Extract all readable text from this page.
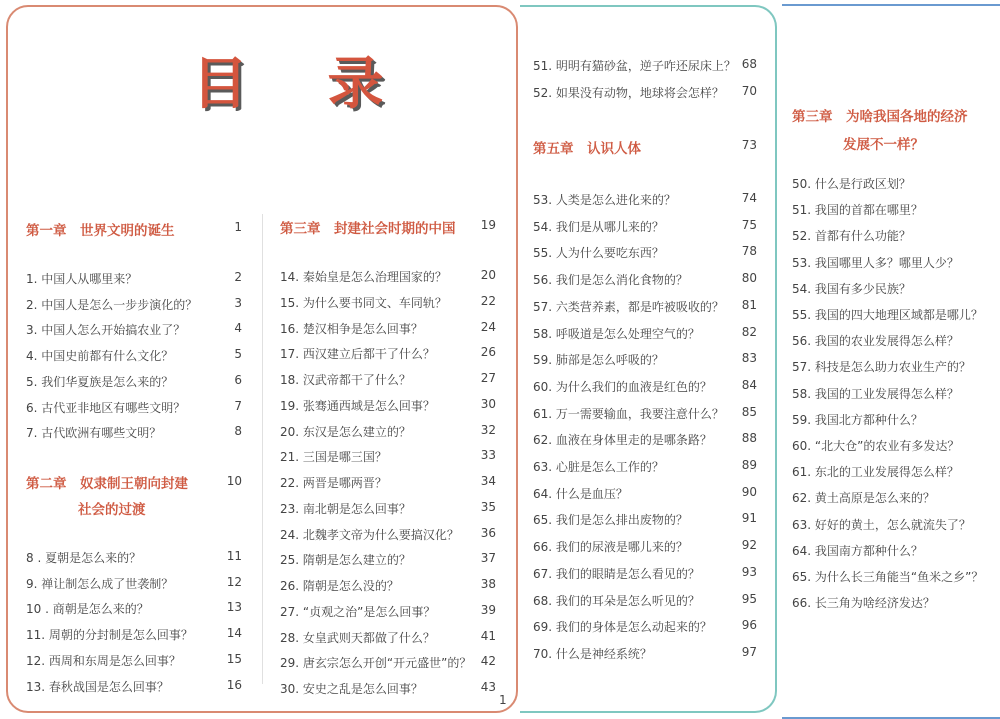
目 录
1
第一章　世界文明的诞生	1
1. 中国人从哪里来？	2
2. 中国人是怎么一步步演化的？	3
3. 中国人怎么开始搞农业了？	4
4. 中国史前都有什么文化？	5
5. 我们华夏族是怎么来的？	6
6. 古代亚非地区有哪些文明？	7
7. 古代欧洲有哪些文明？	8
第二章　奴隶制王朝向封建
社会的过渡
10
8 . 夏朝是怎么来的？	11
9. 禅让制怎么成了世袭制？	12
10 . 商朝是怎么来的？	13
11. 周朝的分封制是怎么回事？	14
12. 西周和东周是怎么回事？	15
13. 春秋战国是怎么回事？	16
第三章　封建社会时期的中国	19
14. 秦始皇是怎么治理国家的？	20
15. 为什么要书同文、车同轨？	22
16. 楚汉相争是怎么回事？	24
17. 西汉建立后都干了什么？	26
18. 汉武帝都干了什么？	27
19. 张骞通西域是怎么回事？	30
20. 东汉是怎么建立的？	32
21. 三国是哪三国？	33
22. 两晋是哪两晋？	34
23. 南北朝是怎么回事？	35
24. 北魏孝文帝为什么要搞汉化？	36
25. 隋朝是怎么建立的？	37
26. 隋朝是怎么没的？	38
27. “贞观之治”是怎么回事？	39
28. 女皇武则天都做了什么？	41
29. 唐玄宗怎么开创“开元盛世”的？ 42
30. 安史之乱是怎么回事？	43
51. 明明有猫砂盆，逆子咋还尿床上？ 68
52. 如果没有动物，地球将会怎样？	70
第五章　认识人体	73
53. 人类是怎么进化来的？	74
54. 我们是从哪儿来的？	75
55. 人为什么要吃东西？	78
56. 我们是怎么消化食物的？	80
57. 六类营养素，都是咋被吸收的？	81
58. 呼吸道是怎么处理空气的？	82
59. 肺部是怎么呼吸的？	83
60. 为什么我们的血液是红色的？	84
61. 万一需要输血，我要注意什么？	85
62. 血液在身体里走的是哪条路？	88
63. 心脏是怎么工作的？	89
64. 什么是血压？	90
65. 我们是怎么排出废物的？	91
66. 我们的尿液是哪儿来的？	92
67. 我们的眼睛是怎么看见的？	93
68. 我们的耳朵是怎么听见的？	95
69. 我们的身体是怎么动起来的？	96
70. 什么是神经系统？	97
第三章　为啥我国各地的经济
发展不一样？
50. 什么是行政区划？
51. 我国的首都在哪里？
52. 首都有什么功能？
53. 我国哪里人多？哪里人少？
54. 我国有多少民族？
55. 我国的四大地理区域都是哪儿？
56. 我国的农业发展得怎么样？
57. 科技是怎么助力农业生产的？
58. 我国的工业发展得怎么样？
59. 我国北方都种什么？
60. “北大仓”的农业有多发达？
61. 东北的工业发展得怎么样？
62. 黄土高原是怎么来的？
63. 好好的黄土，怎么就流失了？
64. 我国南方都种什么？
65. 为什么长三角能当“鱼米之乡”？
66. 长三角为啥经济发达？
